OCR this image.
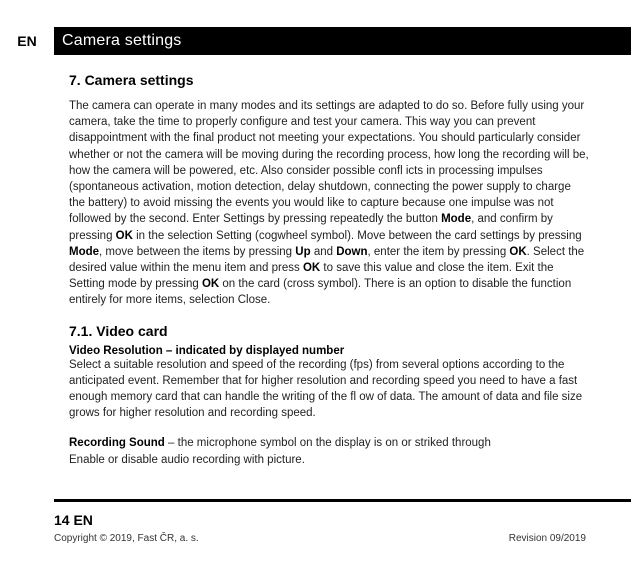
EN	Camera settings
7. Camera settings

The camera can operate in many modes and its settings are adapted to do so. Before fully using your camera, take the time to properly configure and test your camera. This way you can prevent disappointment with the final product not meeting your expectations. You should particularly consider whether or not the camera will be moving during the recording process, how long the recording will be, how the camera will be powered, etc. Also consider possible confl icts in processing impulses (spontaneous activation, motion detection, delay shutdown, connecting the power supply to charge the battery) to avoid missing the events you would like to capture because one impulse was not followed by the second. Enter Settings by pressing repeatedly the button Mode, and confirm by pressing OK in the selection Setting (cogwheel symbol). Move between the card settings by pressing Mode, move between the items by pressing Up and Down, enter the item by pressing OK. Select the desired value within the menu item and press OK to save this value and close the item. Exit the Setting mode by pressing OK on the card (cross symbol). There is an option to disable the function entirely for more items, selection Close.

7.1. Video card
Video Resolution – indicated by displayed number

Select a suitable resolution and speed of the recording (fps) from several options according to the anticipated event. Remember that for higher resolution and recording speed you need to have a fast enough memory card that can handle the writing of the fl ow of data. The amount of data and file size grows for higher resolution and recording speed.

Recording Sound – the microphone symbol on the display is on or striked through

Enable or disable audio recording with picture.

14 EN
Copyright © 2019, Fast ČR, a. s.	Revision 09/2019
